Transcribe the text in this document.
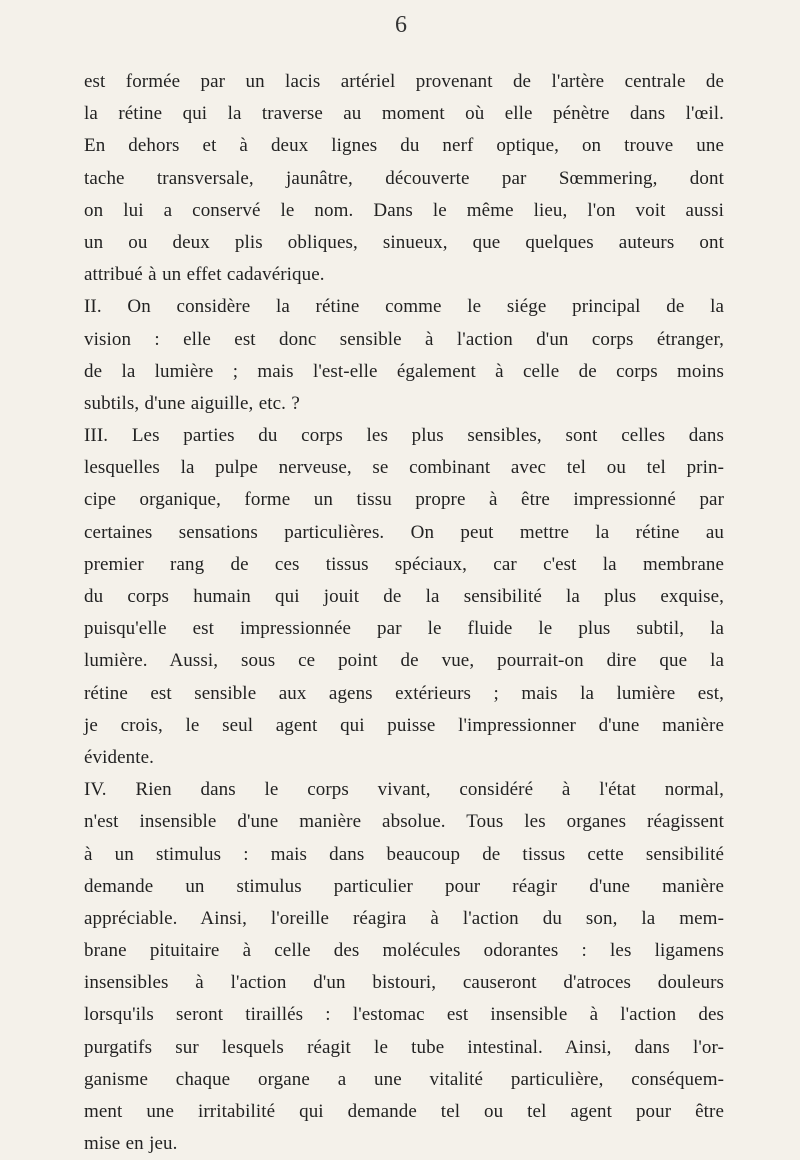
6
est formée par un lacis artériel provenant de l'artère centrale de
la rétine qui la traverse au moment où elle pénètre dans l'œil.
En dehors et à deux lignes du nerf optique, on trouve une
tache transversale, jaunâtre, découverte par Sœmmering, dont
on lui a conservé le nom. Dans le même lieu, l'on voit aussi
un ou deux plis obliques, sinueux, que quelques auteurs ont
attribué à un effet cadavérique.
II. On considère la rétine comme le siége principal de la
vision : elle est donc sensible à l'action d'un corps étranger,
de la lumière ; mais l'est-elle également à celle de corps moins
subtils, d'une aiguille, etc. ?
III. Les parties du corps les plus sensibles, sont celles dans
lesquelles la pulpe nerveuse, se combinant avec tel ou tel prin-
cipe organique, forme un tissu propre à être impressionné par
certaines sensations particulières. On peut mettre la rétine au
premier rang de ces tissus spéciaux, car c'est la membrane
du corps humain qui jouit de la sensibilité la plus exquise,
puisqu'elle est impressionnée par le fluide le plus subtil, la
lumière. Aussi, sous ce point de vue, pourrait-on dire que la
rétine est sensible aux agens extérieurs ; mais la lumière est,
je crois, le seul agent qui puisse l'impressionner d'une manière
évidente.
IV. Rien dans le corps vivant, considéré à l'état normal,
n'est insensible d'une manière absolue. Tous les organes réagissent
à un stimulus : mais dans beaucoup de tissus cette sensibilité
demande un stimulus particulier pour réagir d'une manière
appréciable. Ainsi, l'oreille réagira à l'action du son, la mem-
brane pituitaire à celle des molécules odorantes : les ligamens
insensibles à l'action d'un bistouri, causeront d'atroces douleurs
lorsqu'ils seront tiraillés : l'estomac est insensible à l'action des
purgatifs sur lesquels réagit le tube intestinal. Ainsi, dans l'or-
ganisme chaque organe a une vitalité particulière, conséquem-
ment une irritabilité qui demande tel ou tel agent pour être
mise en jeu.
